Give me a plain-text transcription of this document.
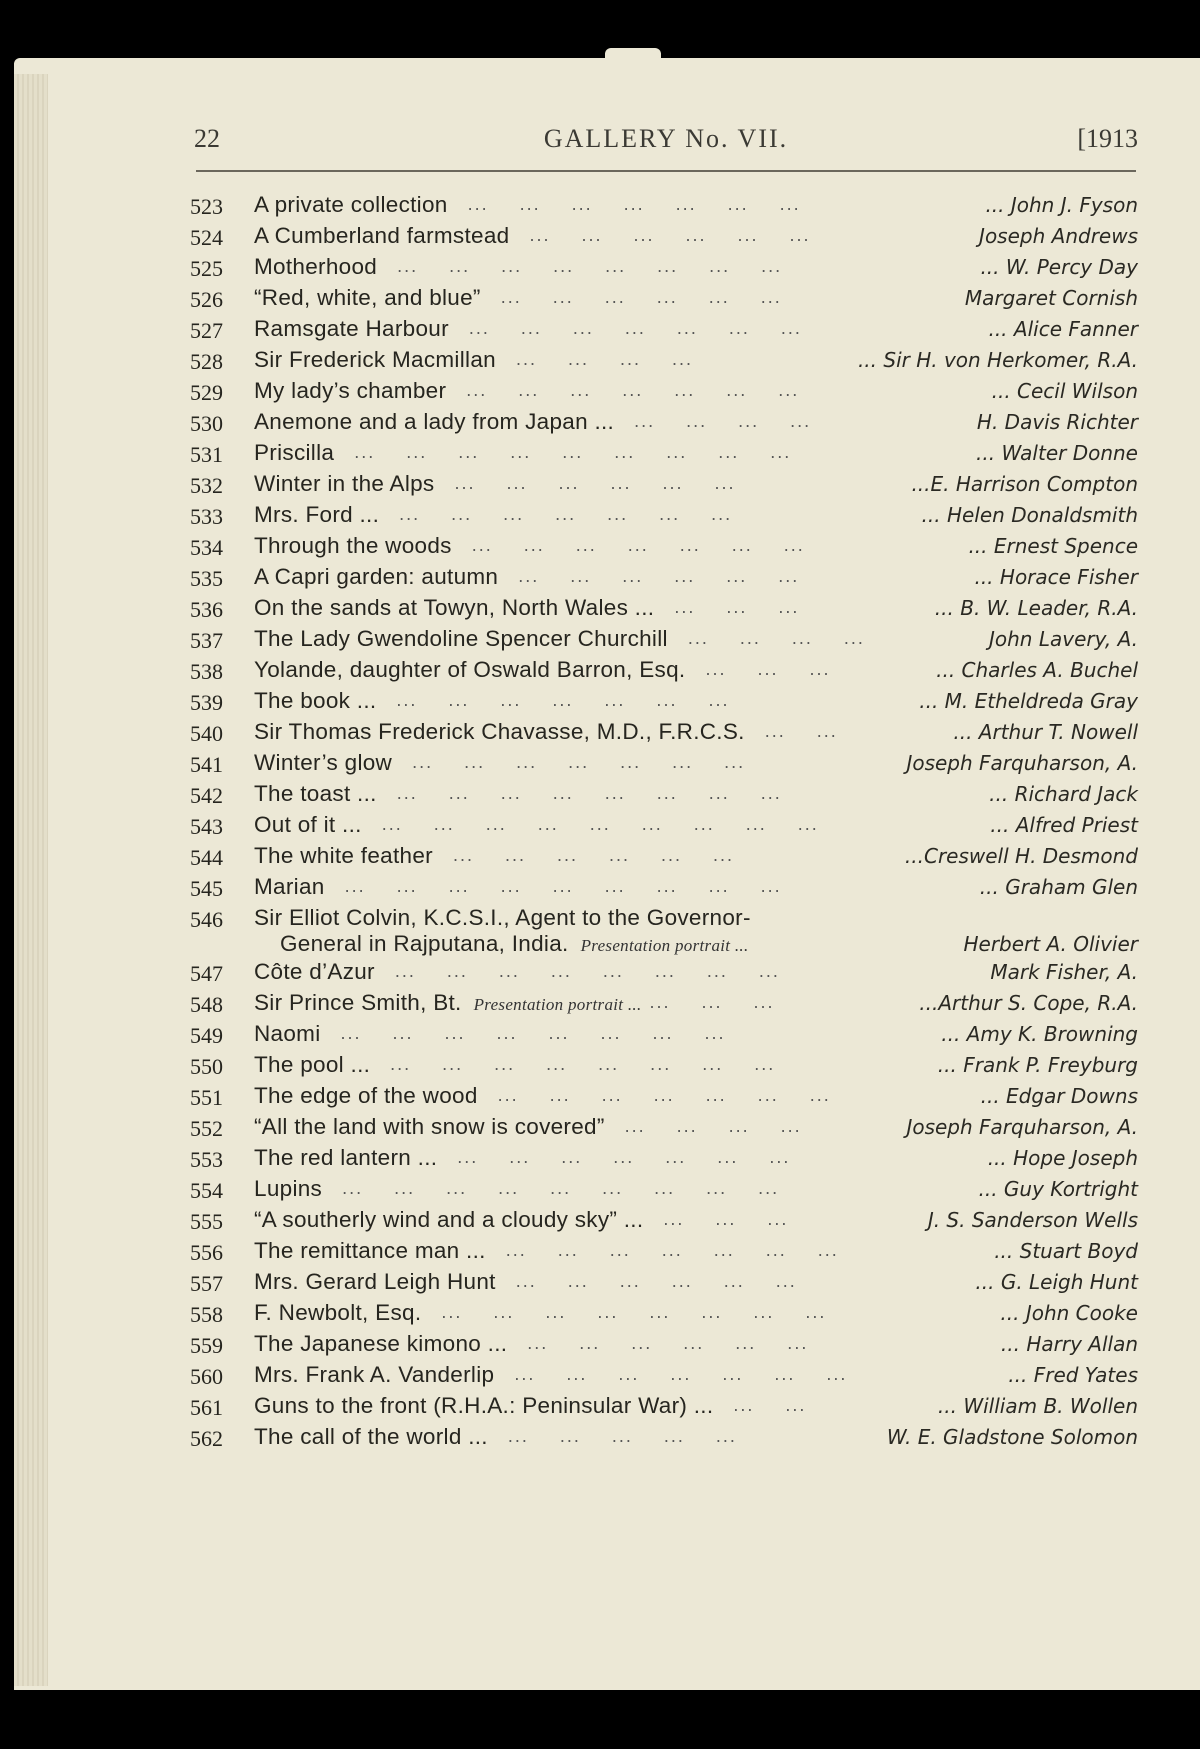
22	GALLERY No. VII.	[1913
523	A private collection ...  ...  ...  ...  ...  ...  ...  	... John J. Fyson
524	A Cumberland farmstead ...  ...  ...  ...  ...  ...  	Joseph Andrews
525	Motherhood ...  ...  ...  ...  ...  ...  ...  ...  	... W. Percy Day
526	“Red, white, and blue” ...  ...  ...  ...  ...  ...  	Margaret Cornish
527	Ramsgate Harbour ...  ...  ...  ...  ...  ...  ...  	... Alice Fanner
528	Sir Frederick Macmillan ...  ...  ...  ...  	... Sir H. von Herkomer, R.A.
529	My lady’s chamber ...  ...  ...  ...  ...  ...  ...  	... Cecil Wilson
530	Anemone and a lady from Japan ... ...  ...  ...  ...  	H. Davis Richter
531	Priscilla ...  ...  ...  ...  ...  ...  ...  ...  ...  	... Walter Donne
532	Winter in the Alps ...  ...  ...  ...  ...  ...  	...E. Harrison Compton
533	Mrs. Ford ... ...  ...  ...  ...  ...  ...  ...  	... Helen Donaldsmith
534	Through the woods ...  ...  ...  ...  ...  ...  ...  	... Ernest Spence
535	A Capri garden: autumn ...  ...  ...  ...  ...  ...  	... Horace Fisher
536	On the sands at Towyn, North Wales ... ...  ...  ...  	... B. W. Leader, R.A.
537	The Lady Gwendoline Spencer Churchill ...  ...  ...  ...  	John Lavery, A.
538	Yolande, daughter of Oswald Barron, Esq. ...  ...  ...  	... Charles A. Buchel
539	The book ... ...  ...  ...  ...  ...  ...  ...  	... M. Etheldreda Gray
540	Sir Thomas Frederick Chavasse, M.D., F.R.C.S. ...  ...  	... Arthur T. Nowell
541	Winter’s glow ...  ...  ...  ...  ...  ...  ...  	Joseph Farquharson, A.
542	The toast ... ...  ...  ...  ...  ...  ...  ...  ...  	... Richard Jack
543	Out of it ... ...  ...  ...  ...  ...  ...  ...  ...  ...  	... Alfred Priest
544	The white feather ...  ...  ...  ...  ...  ...  	...Creswell H. Desmond
545	Marian ...  ...  ...  ...  ...  ...  ...  ...  ...  	... Graham Glen
546	Sir Elliot Colvin, K.C.S.I., Agent to the Governor-
General in Rajputana, India. Presentation portrait ...	Herbert A. Olivier
547	Côte d’Azur ...  ...  ...  ...  ...  ...  ...  ...  	Mark Fisher, A.
548	Sir Prince Smith, Bt. Presentation portrait ... ...  ...  ...  	...Arthur S. Cope, R.A.
549	Naomi ...  ...  ...  ...  ...  ...  ...  ...  	... Amy K. Browning
550	The pool ... ...  ...  ...  ...  ...  ...  ...  ...  	... Frank P. Freyburg
551	The edge of the wood ...  ...  ...  ...  ...  ...  ...  	... Edgar Downs
552	“All the land with snow is covered” ...  ...  ...  ...  	Joseph Farquharson, A.
553	The red lantern ... ...  ...  ...  ...  ...  ...  ...  	... Hope Joseph
554	Lupins ...  ...  ...  ...  ...  ...  ...  ...  ...  	... Guy Kortright
555	“A southerly wind and a cloudy sky” ... ...  ...  ...  	J. S. Sanderson Wells
556	The remittance man ... ...  ...  ...  ...  ...  ...  ...  	... Stuart Boyd
557	Mrs. Gerard Leigh Hunt ...  ...  ...  ...  ...  ...  	... G. Leigh Hunt
558	F. Newbolt, Esq. ...  ...  ...  ...  ...  ...  ...  ...  	... John Cooke
559	The Japanese kimono ... ...  ...  ...  ...  ...  ...  	... Harry Allan
560	Mrs. Frank A. Vanderlip ...  ...  ...  ...  ...  ...  ...  	... Fred Yates
561	Guns to the front (R.H.A.: Peninsular War) ... ...  ...  	... William B. Wollen
562	The call of the world ... ...  ...  ...  ...  ...  	W. E. Gladstone Solomon
